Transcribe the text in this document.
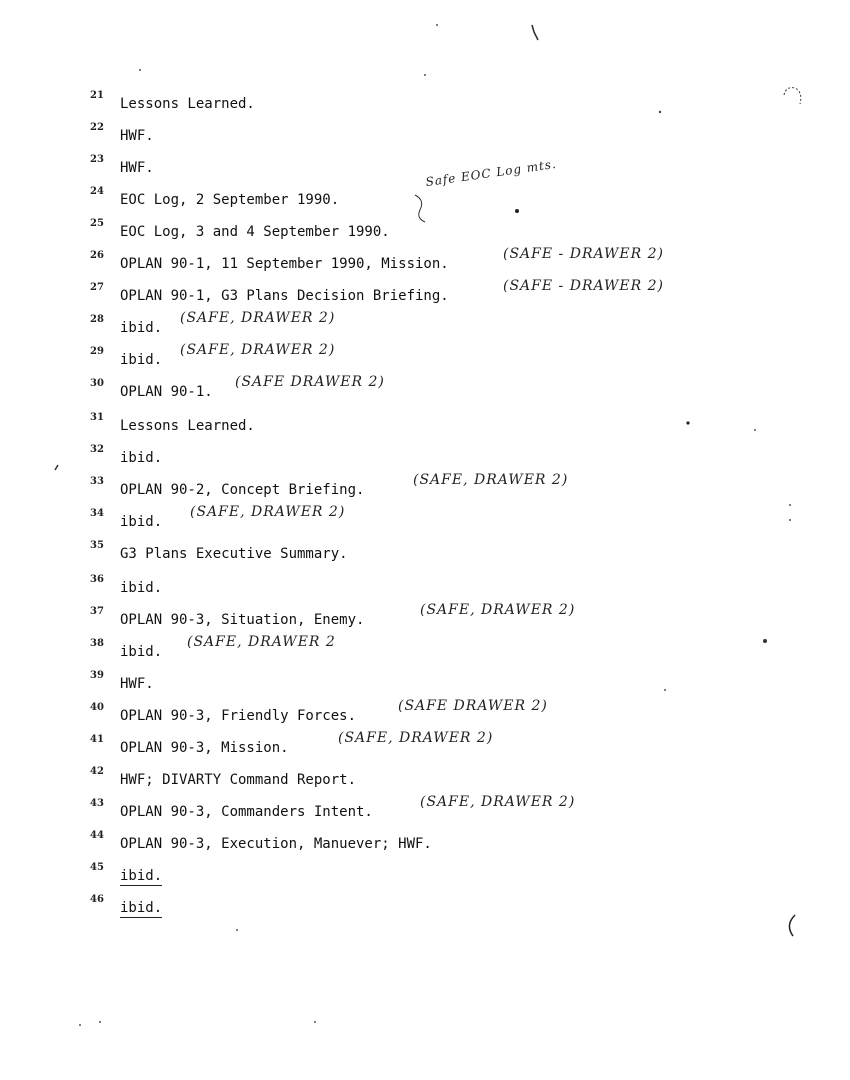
21
Lessons Learned.
22
HWF.
23
HWF.
24
EOC Log, 2 September 1990.
Safe EOC Log mts.
25
EOC Log, 3 and 4 September 1990.
26
OPLAN 90-1, 11 September 1990, Mission.
(SAFE - DRAWER 2)
27
OPLAN 90-1, G3 Plans Decision Briefing.
(SAFE - DRAWER 2)
28
ibid.
(SAFE, DRAWER 2)
29
ibid.
(SAFE, DRAWER 2)
30
OPLAN 90-1.
(SAFE DRAWER 2)
31
Lessons Learned.
32
ibid.
33
OPLAN 90-2, Concept Briefing.
(SAFE, DRAWER 2)
34
ibid.
(SAFE, DRAWER 2)
35
G3 Plans Executive Summary.
36
ibid.
37
OPLAN 90-3, Situation, Enemy.
(SAFE, DRAWER 2)
38
ibid.
(SAFE, DRAWER 2
39
HWF.
40
OPLAN 90-3, Friendly Forces.
(SAFE DRAWER 2)
41
OPLAN 90-3, Mission.
(SAFE, DRAWER 2)
42
HWF; DIVARTY Command Report.
43
OPLAN 90-3, Commanders Intent.
(SAFE, DRAWER 2)
44
OPLAN 90-3, Execution, Manuever; HWF.
45
ibid.
46
ibid.
